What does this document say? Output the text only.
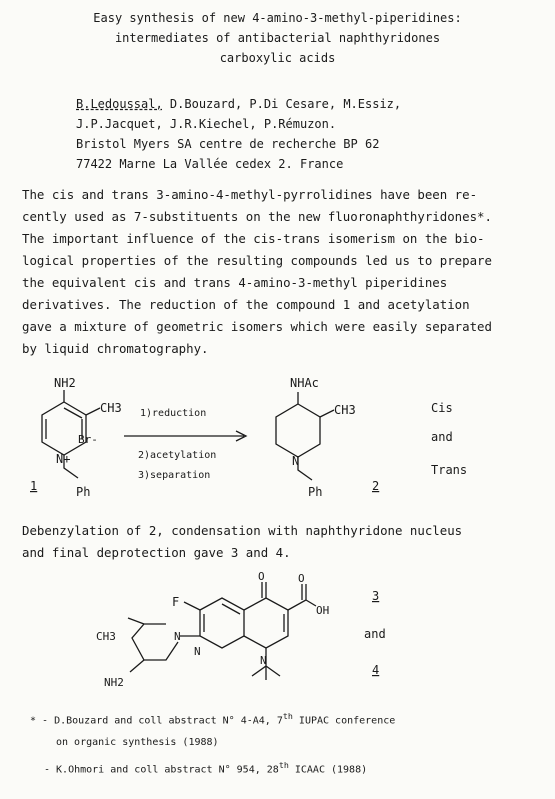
Easy synthesis of new 4-amino-3-methyl-piperidines:
intermediates of antibacterial naphthyridones
carboxylic acids
B.Ledoussal, D.Bouzard, P.Di Cesare, M.Essiz,
J.P.Jacquet, J.R.Kiechel, P.Rémuzon.
Bristol Myers SA centre de recherche BP 62
77422 Marne La Vallée cedex 2. France
The cis and trans 3-amino-4-methyl-pyrrolidines have been re-
cently used as 7-substituents on the new fluoronaphthyridones*.
The important influence of the cis-trans isomerism on the bio-
logical properties of the resulting compounds led us to prepare
the equivalent cis and trans 4-amino-3-methyl piperidines
derivatives. The reduction of the compound 1 and acetylation
gave a mixture of geometric isomers which were easily separated
by liquid chromatography.
NH2
CH3
N+
Br-
Ph
1
1)reduction
2)acetylation
3)separation
NHAc
CH3
N
Ph	2
Cis
and
Trans
Debenzylation of 2, condensation with naphthyridone nucleus
and final deprotection gave 3 and 4.
O	O
OH
F
N
N
N
CH3
NH2
3
and
4
* - D.Bouzard and coll abstract N° 4-A4, 7th IUPAC conference
on organic synthesis (1988)
- K.Ohmori and coll abstract N° 954, 28th ICAAC (1988)
